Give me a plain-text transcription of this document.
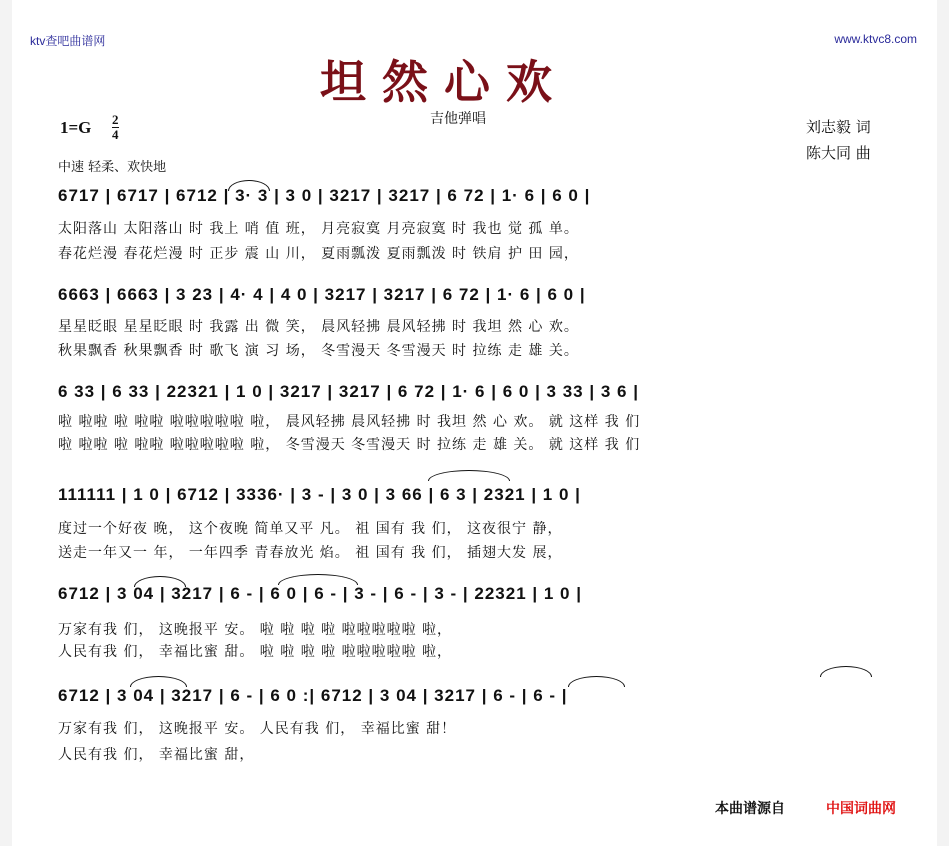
ktv查吧曲谱网	www.ktvc8.com
坦然心欢
吉他弹唱
1=G 2
4
中速 轻柔、欢快地
刘志毅 词
陈大同 曲
6717 | 6717 | 6712 | 3· 3 | 3 0 | 3217 | 3217 | 6 72 | 1· 6 | 6 0 |
太阳落山 太阳落山 时 我上 哨 值 班， 月亮寂寞 月亮寂寞 时 我也 觉 孤 单。
春花烂漫 春花烂漫 时 正步 震 山 川， 夏雨瓢泼 夏雨瓢泼 时 铁肩 护 田 园，
6663 | 6663 | 3 23 | 4· 4 | 4 0 | 3217 | 3217 | 6 72 | 1· 6 | 6 0 |
星星眨眼 星星眨眼 时 我露 出 微 笑， 晨风轻拂 晨风轻拂 时 我坦 然 心 欢。
秋果飘香 秋果飘香 时 歌飞 演 习 场， 冬雪漫天 冬雪漫天 时 拉练 走 雄 关。
6 33 | 6 33 | 22321 | 1 0 | 3217 | 3217 | 6 72 | 1· 6 | 6 0 | 3 33 | 3 6 |
啦 啦啦 啦 啦啦 啦啦啦啦啦 啦， 晨风轻拂 晨风轻拂 时 我坦 然 心 欢。 就 这样 我 们
啦 啦啦 啦 啦啦 啦啦啦啦啦 啦， 冬雪漫天 冬雪漫天 时 拉练 走 雄 关。 就 这样 我 们
111111 | 1 0 | 6712 | 3336· | 3 - | 3 0 | 3 66 | 6 3 | 2321 | 1 0 |
度过一个好夜 晚， 这个夜晚 简单又平 凡。 祖 国有 我 们， 这夜很宁 静，
送走一年又一 年， 一年四季 青春放光 焰。 祖 国有 我 们， 插翅大发 展，
6712 | 3 04 | 3217 | 6 - | 6 0 | 6 - | 3 - | 6 - | 3 - | 22321 | 1 0 |
万家有我 们， 这晚报平 安。 啦 啦 啦 啦 啦啦啦啦啦 啦，
人民有我 们， 幸福比蜜 甜。 啦 啦 啦 啦 啦啦啦啦啦 啦，
6712 | 3 04 | 3217 | 6 - | 6 0 :| 6712 | 3 04 | 3217 | 6 - | 6 - |
万家有我 们， 这晚报平 安。 人民有我 们， 幸福比蜜 甜！
人民有我 们， 幸福比蜜 甜，
本曲谱源自	中国词曲网
